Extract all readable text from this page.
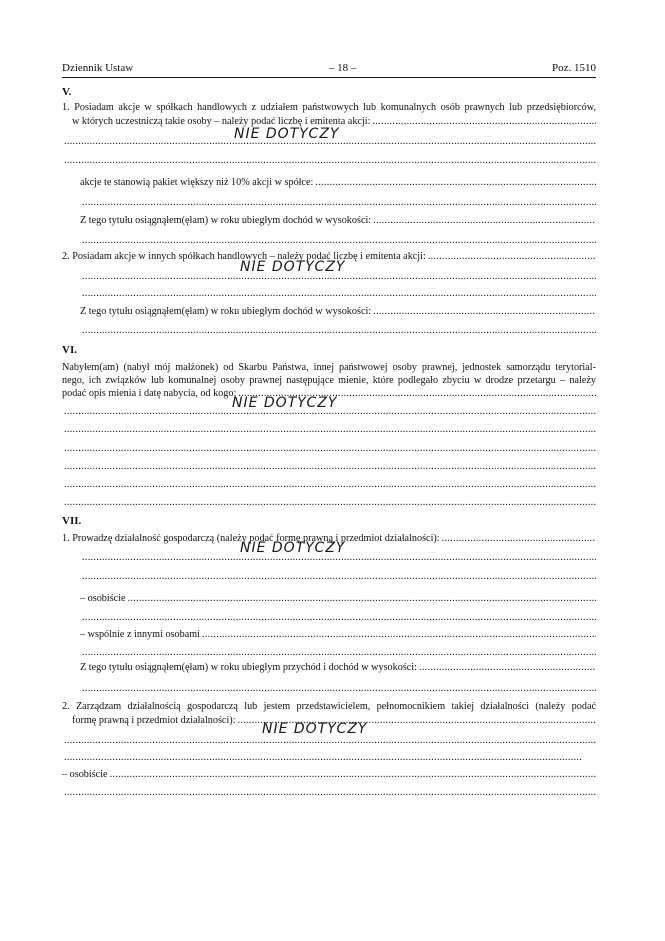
Dziennik Ustaw	– 18 –	Poz. 1510
V.
1. Posiadam akcje w spółkach handlowych z udziałem państwowych lub komunalnych osób prawnych lub przedsiębiorców,
w których uczestniczą takie osoby – należy podać liczbę i emitenta akcji:
.....
NIE DOTYCZY
.....
.....
akcje te stanowią pakiet większy niż 10% akcji w spółce:
.....
.....
Z tego tytułu osiągnąłem(ęłam) w roku ubiegłym dochód w wysokości:
.....
.....
2. Posiadam akcje w innych spółkach handlowych – należy podać liczbę i emitenta akcji:
.....
NIE DOTYCZY
.....
.....
Z tego tytułu osiągnąłem(ęłam) w roku ubiegłym dochód w wysokości:
.....
.....
VI.
Nabyłem(am) (nabył mój małżonek) od Skarbu Państwa, innej państwowej osoby prawnej, jednostek samorządu terytorial-
nego, ich związków lub komunalnej osoby prawnej następujące mienie, które podlegało zbyciu w drodze przetargu – należy
podać opis mienia i datę nabycia, od kogo:
.....
NIE DOTYCZY
.....
.....
.....
.....
.....
.....
VII.
1. Prowadzę działalność gospodarczą (należy podać formę prawną i przedmiot działalności):
.....
NIE DOTYCZY
.....
.....
– osobiście
.....
.....
– wspólnie z innymi osobami
.....
.....
Z tego tytułu osiągnąłem(ęłam) w roku ubiegłym przychód i dochód w wysokości:
.....
.....
2. Zarządzam działalnością gospodarczą lub jestem przedstawicielem, pełnomocnikiem takiej działalności (należy podać
formę prawną i przedmiot działalności):
.....
NIE DOTYCZY
.....
.....
– osobiście
.....
.....
